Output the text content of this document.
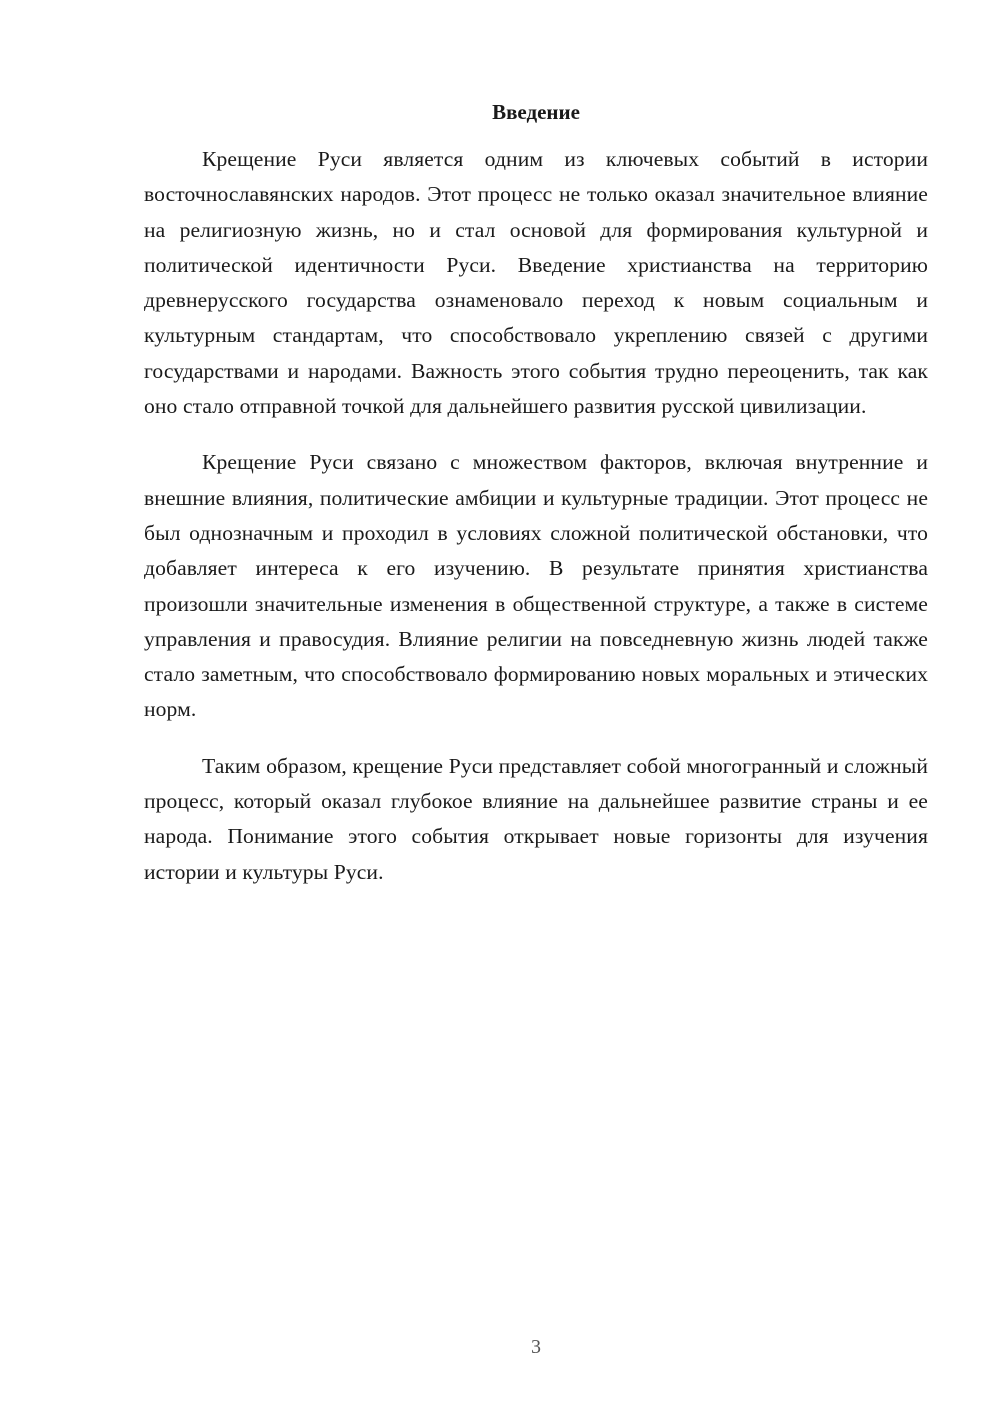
Введение

Крещение Руси является одним из ключевых событий в истории восточнославянских народов. Этот процесс не только оказал значительное влияние на религиозную жизнь, но и стал основой для формирования культурной и политической идентичности Руси. Введение христианства на территорию древнерусского государства ознаменовало переход к новым социальным и культурным стандартам, что способствовало укреплению связей с другими государствами и народами. Важность этого события трудно переоценить, так как оно стало отправной точкой для дальнейшего развития русской цивилизации.

Крещение Руси связано с множеством факторов, включая внутренние и внешние влияния, политические амбиции и культурные традиции. Этот процесс не был однозначным и проходил в условиях сложной политической обстановки, что добавляет интереса к его изучению. В результате принятия христианства произошли значительные изменения в общественной структуре, а также в системе управления и правосудия. Влияние религии на повседневную жизнь людей также стало заметным, что способствовало формированию новых моральных и этических норм.

Таким образом, крещение Руси представляет собой многогранный и сложный процесс, который оказал глубокое влияние на дальнейшее развитие страны и ее народа. Понимание этого события открывает новые горизонты для изучения истории и культуры Руси.

3
